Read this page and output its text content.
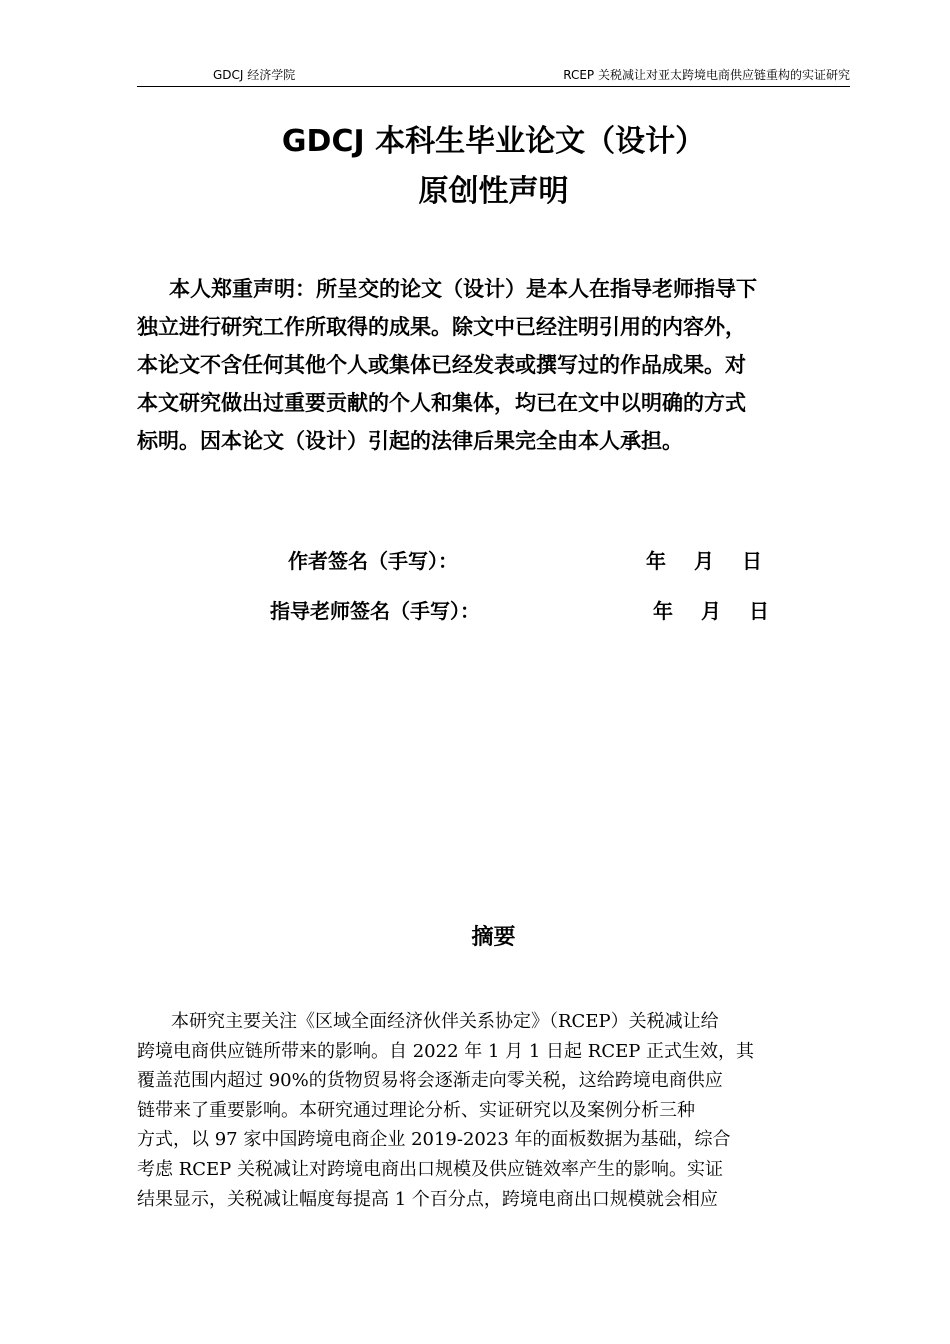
GDCJ 经济学院	RCEP 关税减让对亚太跨境电商供应链重构的实证研究
GDCJ 本科生毕业论文（设计）
原创性声明

本人郑重声明：所呈交的论文（设计）是本人在指导老师指导下
独立进行研究工作所取得的成果。除文中已经注明引用的内容外，
本论文不含任何其他个人或集体已经发表或撰写过的作品成果。对
本文研究做出过重要贡献的个人和集体，均已在文中以明确的方式
标明。因本论文（设计）引起的法律后果完全由本人承担。

作者签名（手写）：	年 月 日
指导老师签名（手写）：	年 月 日
摘要
本研究主要关注《区域全面经济伙伴关系协定》（RCEP）关税减让给
跨境电商供应链所带来的影响。自 2022 年 1 月 1 日起 RCEP 正式生效，其
覆盖范围内超过 90%的货物贸易将会逐渐走向零关税，这给跨境电商供应
链带来了重要影响。本研究通过理论分析、实证研究以及案例分析三种
方式，以 97 家中国跨境电商企业 2019-2023 年的面板数据为基础，综合
考虑 RCEP 关税减让对跨境电商出口规模及供应链效率产生的影响。实证
结果显示，关税减让幅度每提高 1 个百分点，跨境电商出口规模就会相应
